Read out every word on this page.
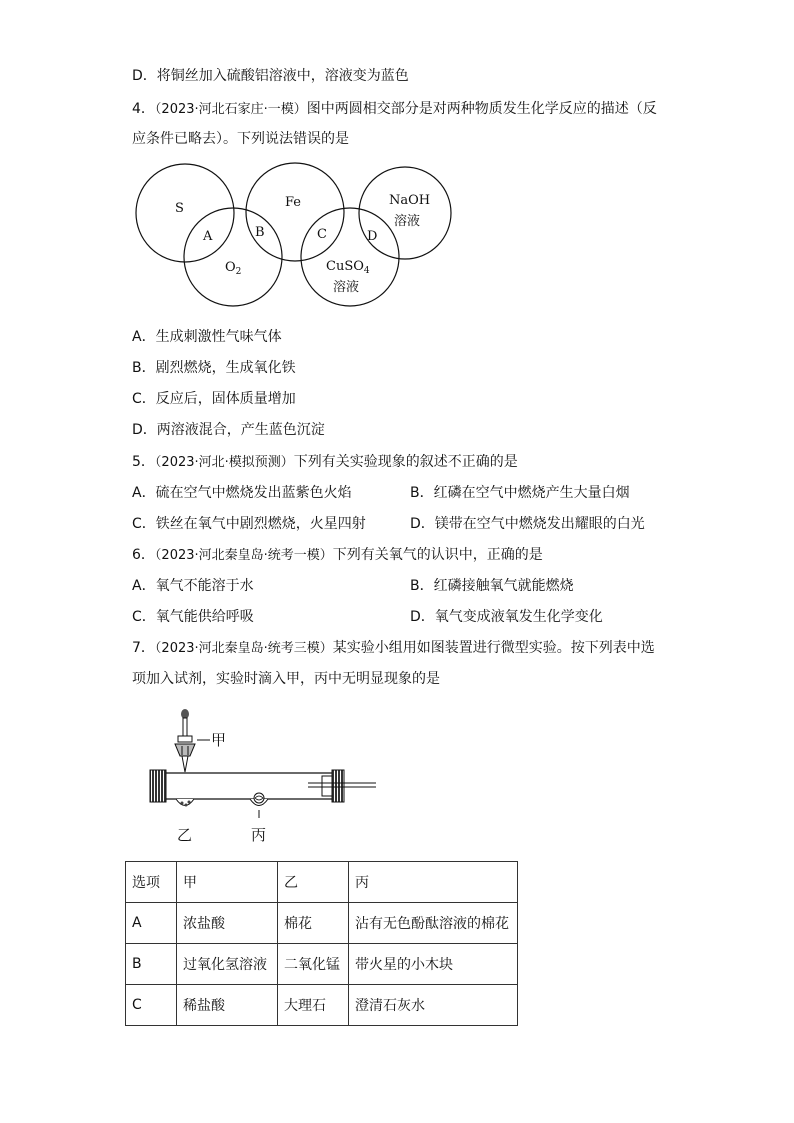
D．将铜丝加入硫酸铝溶液中，溶液变为蓝色
4．（2023·河北石家庄·一模）图中两圆相交部分是对两种物质发生化学反应的描述（反
应条件已略去）。下列说法错误的是
S
A	B
Fe
C	D
$O_2$	CuSO$_4$
溶液
NaOH
溶液
A．生成刺激性气味气体
B．剧烈燃烧，生成氧化铁
C．反应后，固体质量增加
D．两溶液混合，产生蓝色沉淀
5．（2023·河北·模拟预测）下列有关实验现象的叙述不正确的是
A．硫在空气中燃烧发出蓝紫色火焰	B．红磷在空气中燃烧产生大量白烟
C．铁丝在氧气中剧烈燃烧，火星四射	D．镁带在空气中燃烧发出耀眼的白光
6．（2023·河北秦皇岛·统考一模）下列有关氧气的认识中，正确的是
A．氧气不能溶于水	B．红磷接触氧气就能燃烧
C．氧气能供给呼吸	D．氧气变成液氧发生化学变化
7．（2023·河北秦皇岛·统考三模）某实验小组用如图装置进行微型实验。按下列表中选
项加入试剂，实验时滴入甲，丙中无明显现象的是
甲
乙	丙
选项	甲	乙	丙
A	浓盐酸	棉花	沾有无色酚酞溶液的棉花
B	过氧化氢溶液	二氧化锰	带火星的小木块
C	稀盐酸	大理石	澄清石灰水
